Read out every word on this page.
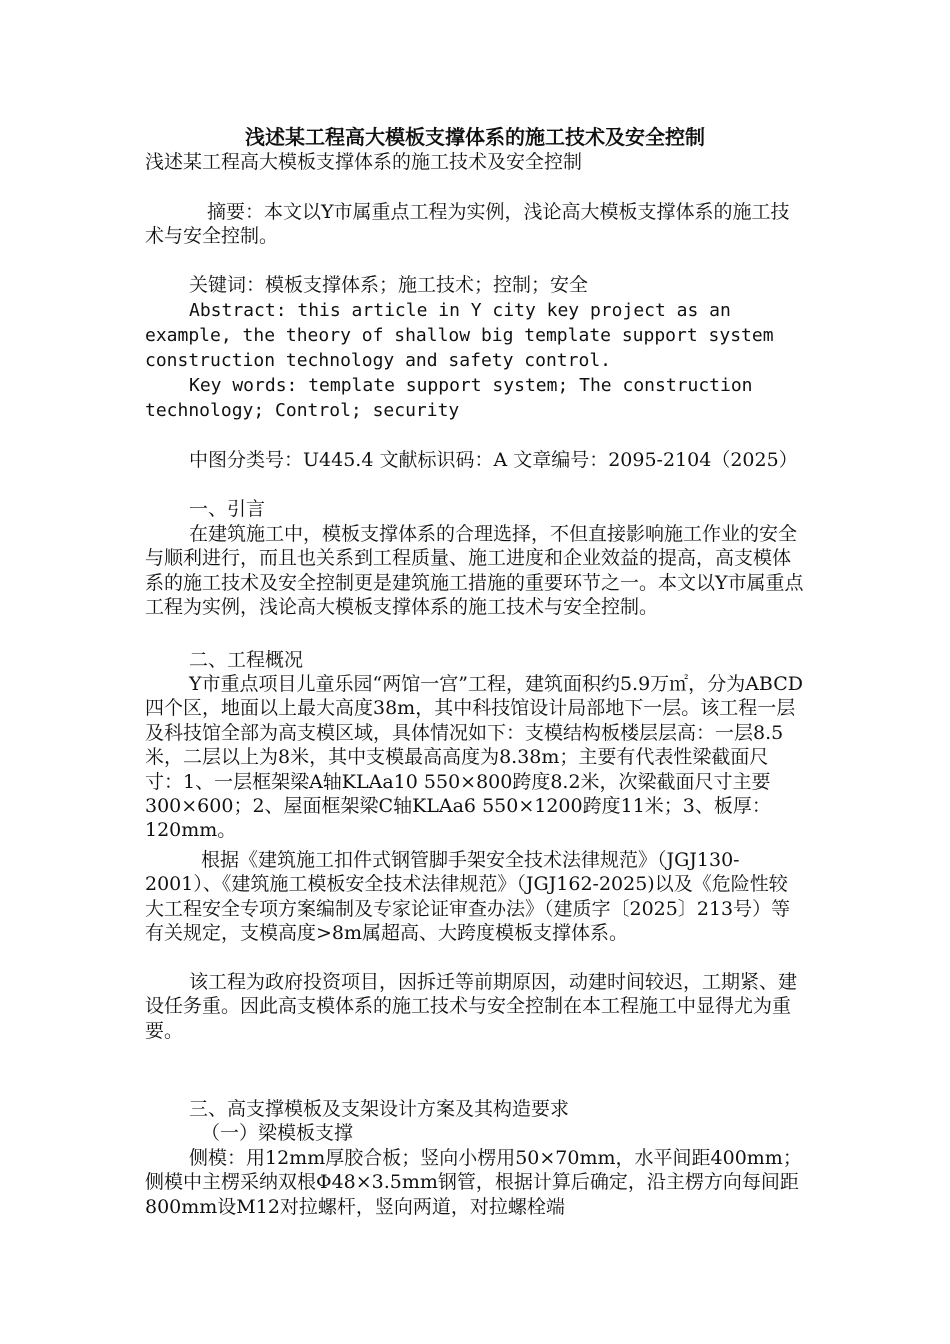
浅述某工程高大模板支撑体系的施工技术及安全控制

浅述某工程高大模板支撑体系的施工技术及安全控制

摘要：本文以Y市属重点工程为实例，浅论高大模板支撑体系的施工技术与安全控制。

关键词：模板支撑体系；施工技术；控制；安全

Abstract: this article in Y city key project as an example, the theory of shallow big template support system construction technology and safety control.

Key words: template support system; The construction technology; Control; security

中图分类号：U445.4 文献标识码：A 文章编号：2095-2104（2025）

一、引言

在建筑施工中，模板支撑体系的合理选择，不但直接影响施工作业的安全与顺利进行，而且也关系到工程质量、施工进度和企业效益的提高，高支模体系的施工技术及安全控制更是建筑施工措施的重要环节之一。本文以Y市属重点工程为实例，浅论高大模板支撑体系的施工技术与安全控制。

二、工程概况

Y市重点项目儿童乐园“两馆一宫”工程，建筑面积约5.9万㎡，分为ABCD四个区，地面以上最大高度38m，其中科技馆设计局部地下一层。该工程一层及科技馆全部为高支模区域，具体情况如下：支模结构板楼层层高：一层8.5米，二层以上为8米，其中支模最高高度为8.38m；主要有代表性梁截面尺寸：1、一层框架梁A轴KLAa10 550×800跨度8.2米，次梁截面尺寸主要300×600；2、屋面框架梁C轴KLAa6 550×1200跨度11米；3、板厚：120mm。

根据《建筑施工扣件式钢管脚手架安全技术法律规范》（JGJ130-2001）、《建筑施工模板安全技术法律规范》（JGJ162-2025)以及《危险性较大工程安全专项方案编制及专家论证审查办法》（建质字〔2025〕213号）等有关规定，支模高度>8m属超高、大跨度模板支撑体系。

该工程为政府投资项目，因拆迁等前期原因，动建时间较迟，工期紧、建设任务重。因此高支模体系的施工技术与安全控制在本工程施工中显得尤为重要。

三、高支撑模板及支架设计方案及其构造要求

（一）梁模板支撑

侧模：用12mm厚胶合板；竖向小楞用50×70mm，水平间距400mm；侧模中主楞采纳双根Φ48×3.5mm钢管，根据计算后确定，沿主楞方向每间距800mm设M12对拉螺杆，竖向两道，对拉螺栓端
